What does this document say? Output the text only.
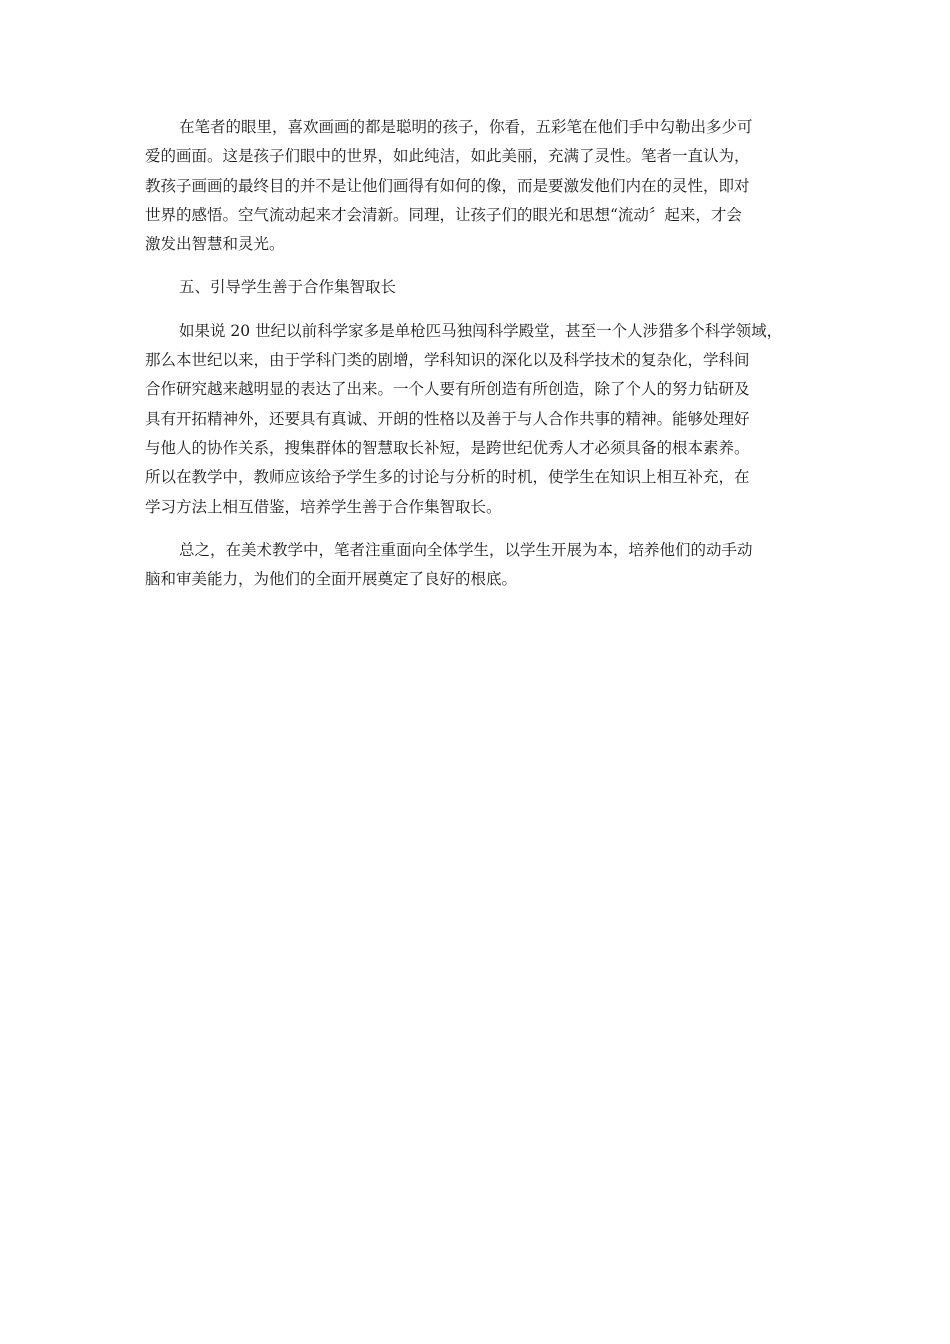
在笔者的眼里，喜欢画画的都是聪明的孩子，你看，五彩笔在他们手中勾勒出多少可
爱的画面。这是孩子们眼中的世界，如此纯洁，如此美丽，充满了灵性。笔者一直认为，
教孩子画画的最终目的并不是让他们画得有如何的像，而是要激发他们内在的灵性，即对
世界的感悟。空气流动起来才会清新。同理，让孩子们的眼光和思想“流动〞起来，才会
激发出智慧和灵光。

五、引导学生善于合作集智取长

如果说 20 世纪以前科学家多是单枪匹马独闯科学殿堂，甚至一个人涉猎多个科学领域，
那么本世纪以来，由于学科门类的剧增，学科知识的深化以及科学技术的复杂化，学科间
合作研究越来越明显的表达了出来。一个人要有所创造有所创造，除了个人的努力钻研及
具有开拓精神外，还要具有真诚、开朗的性格以及善于与人合作共事的精神。能够处理好
与他人的协作关系，搜集群体的智慧取长补短，是跨世纪优秀人才必须具备的根本素养。
所以在教学中，教师应该给予学生多的讨论与分析的时机，使学生在知识上相互补充，在
学习方法上相互借鉴，培养学生善于合作集智取长。

总之，在美术教学中，笔者注重面向全体学生，以学生开展为本，培养他们的动手动
脑和审美能力，为他们的全面开展奠定了良好的根底。
